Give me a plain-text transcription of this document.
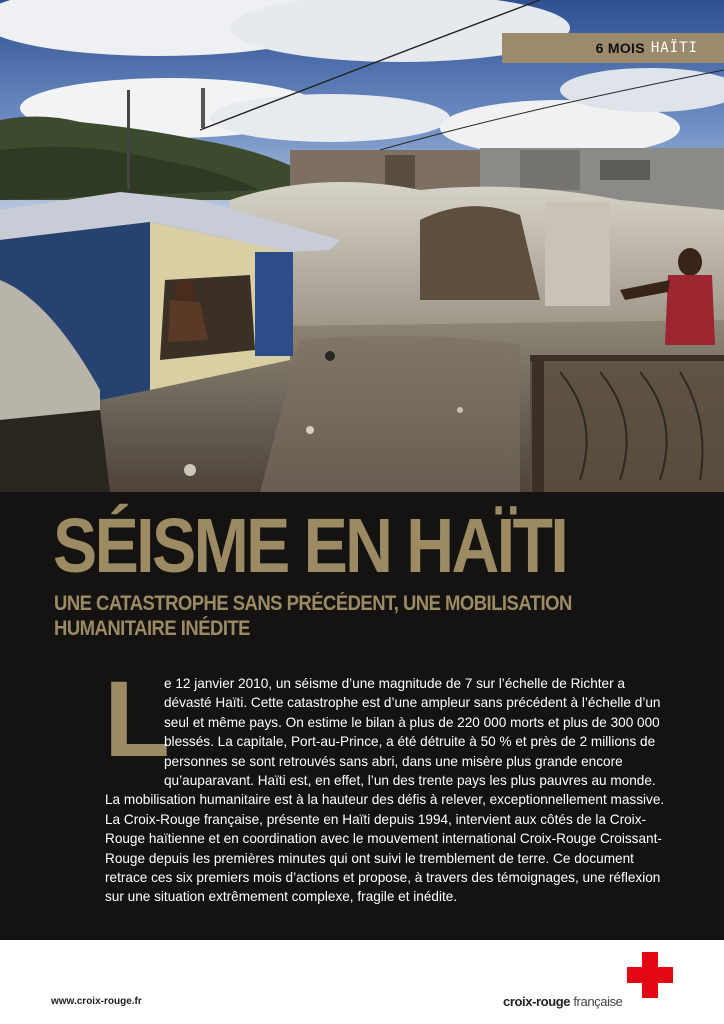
6 MOIS HAÏTI
SÉISME EN HAÏTI
UNE CATASTROPHE SANS PRÉCÉDENT, UNE MOBILISATION HUMANITAIRE INÉDITE
L

e 12 janvier 2010, un séisme d’une magnitude de 7 sur l’échelle de Richter a dévasté Haïti. Cette catastrophe est d’une ampleur sans précédent à l’échelle d’un seul et même pays. On estime le bilan à plus de 220 000 morts et plus de 300 000 blessés. La capitale, Port-au-Prince, a été détruite à 50 % et près de 2 millions de personnes se sont retrouvés sans abri, dans une misère plus grande encore qu’auparavant. Haïti est, en effet, l’un des trente pays les plus pauvres au monde. La mobilisation humanitaire est à la hauteur des défis à relever, exceptionnellement massive. La Croix-Rouge française, présente en Haïti depuis 1994, intervient aux côtés de la Croix-Rouge haïtienne et en coordination avec le mouvement international Croix-Rouge Croissant-Rouge depuis les premières minutes qui ont suivi le tremblement de terre. Ce document retrace ces six premiers mois d’actions et propose, à travers des témoignages, une réflexion sur une situation extrêmement complexe, fragile et inédite.

www.croix-rouge.fr	croix-rouge française
